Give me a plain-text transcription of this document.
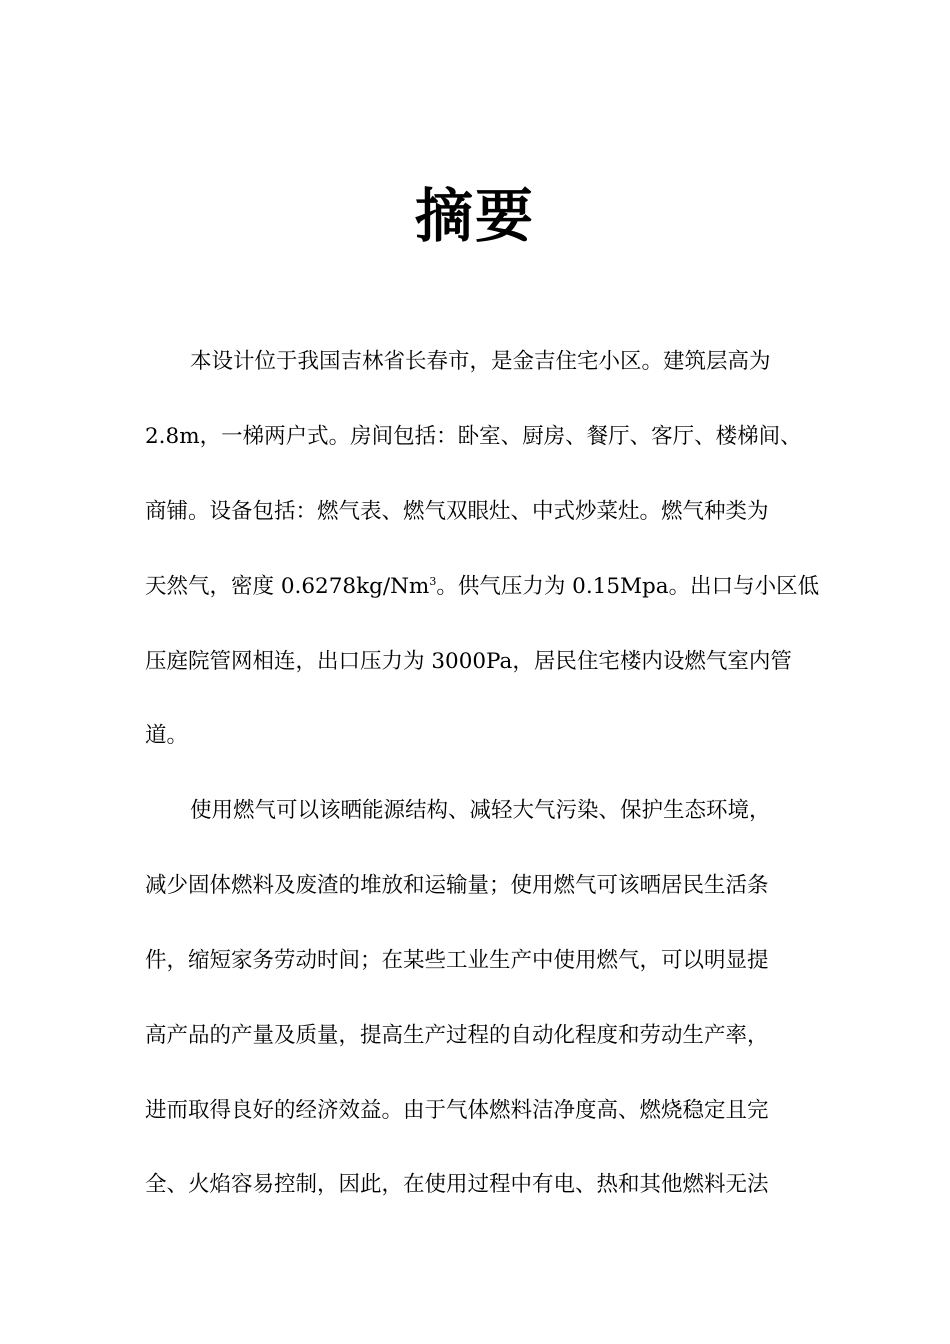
摘要
本设计位于我国吉林省长春市，是金吉住宅小区。建筑层高为
2.8m，一梯两户式。房间包括：卧室、厨房、餐厅、客厅、楼梯间、
商铺。设备包括：燃气表、燃气双眼灶、中式炒菜灶。燃气种类为
天然气，密度 0.6278kg/Nm$^3$。供气压力为 0.15Mpa。出口与小区低
压庭院管网相连，出口压力为 3000Pa，居民住宅楼内设燃气室内管
道。
使用燃气可以该晒能源结构、减轻大气污染、保护生态环境，
减少固体燃料及废渣的堆放和运输量；使用燃气可该晒居民生活条
件，缩短家务劳动时间；在某些工业生产中使用燃气，可以明显提
高产品的产量及质量，提高生产过程的自动化程度和劳动生产率，
进而取得良好的经济效益。由于气体燃料洁净度高、燃烧稳定且完
全、火焰容易控制，因此，在使用过程中有电、热和其他燃料无法
